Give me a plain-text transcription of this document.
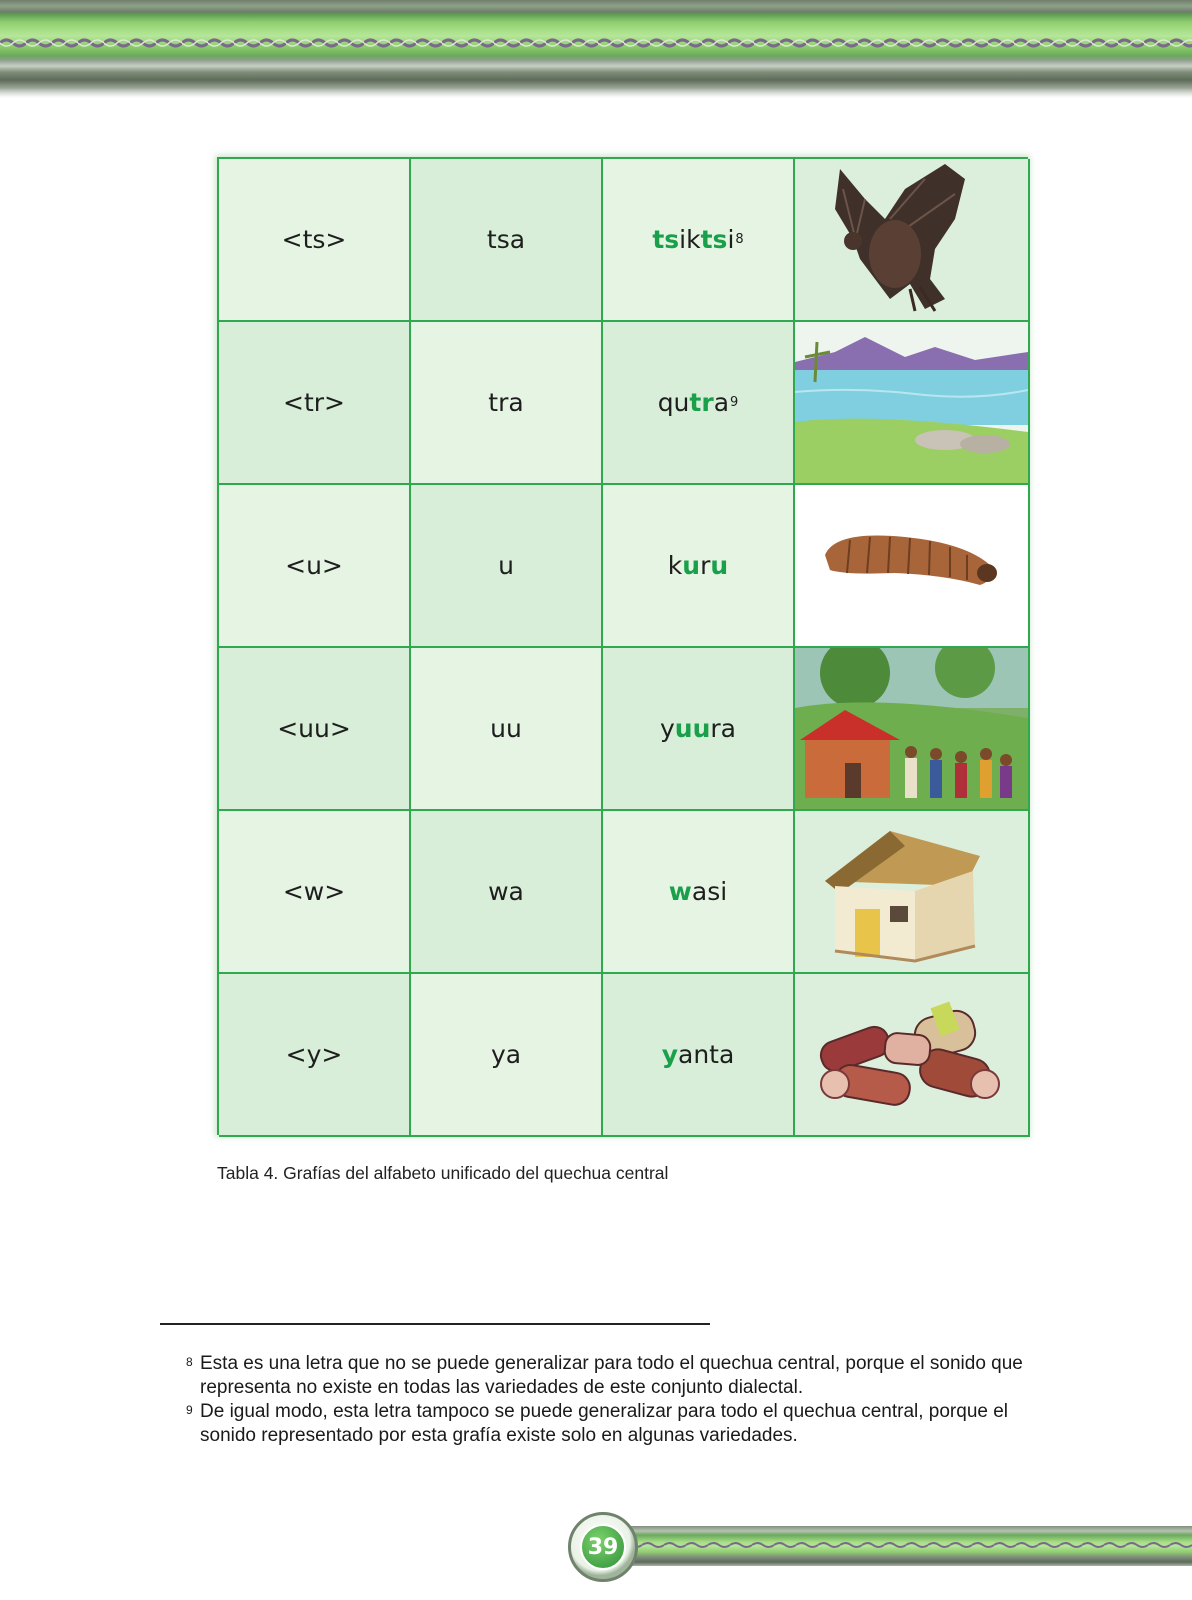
<ts>	tsa	ts ik ts i 8
<tr>	tra	qu tr a 9
<u>	u	k u r u
<uu>	uu	y uu ra
<w>	wa	w asi
<y>	ya	y anta
Tabla 4. Grafías del alfabeto unificado del quechua central
8 Esta es una letra que no se puede generalizar para todo el quechua central, porque el sonido que representa no existe en todas las variedades de este conjunto dialectal.
9 De igual modo, esta letra tampoco se puede generalizar para todo el quechua central, porque el sonido representado por esta grafía existe solo en algunas variedades.
39
